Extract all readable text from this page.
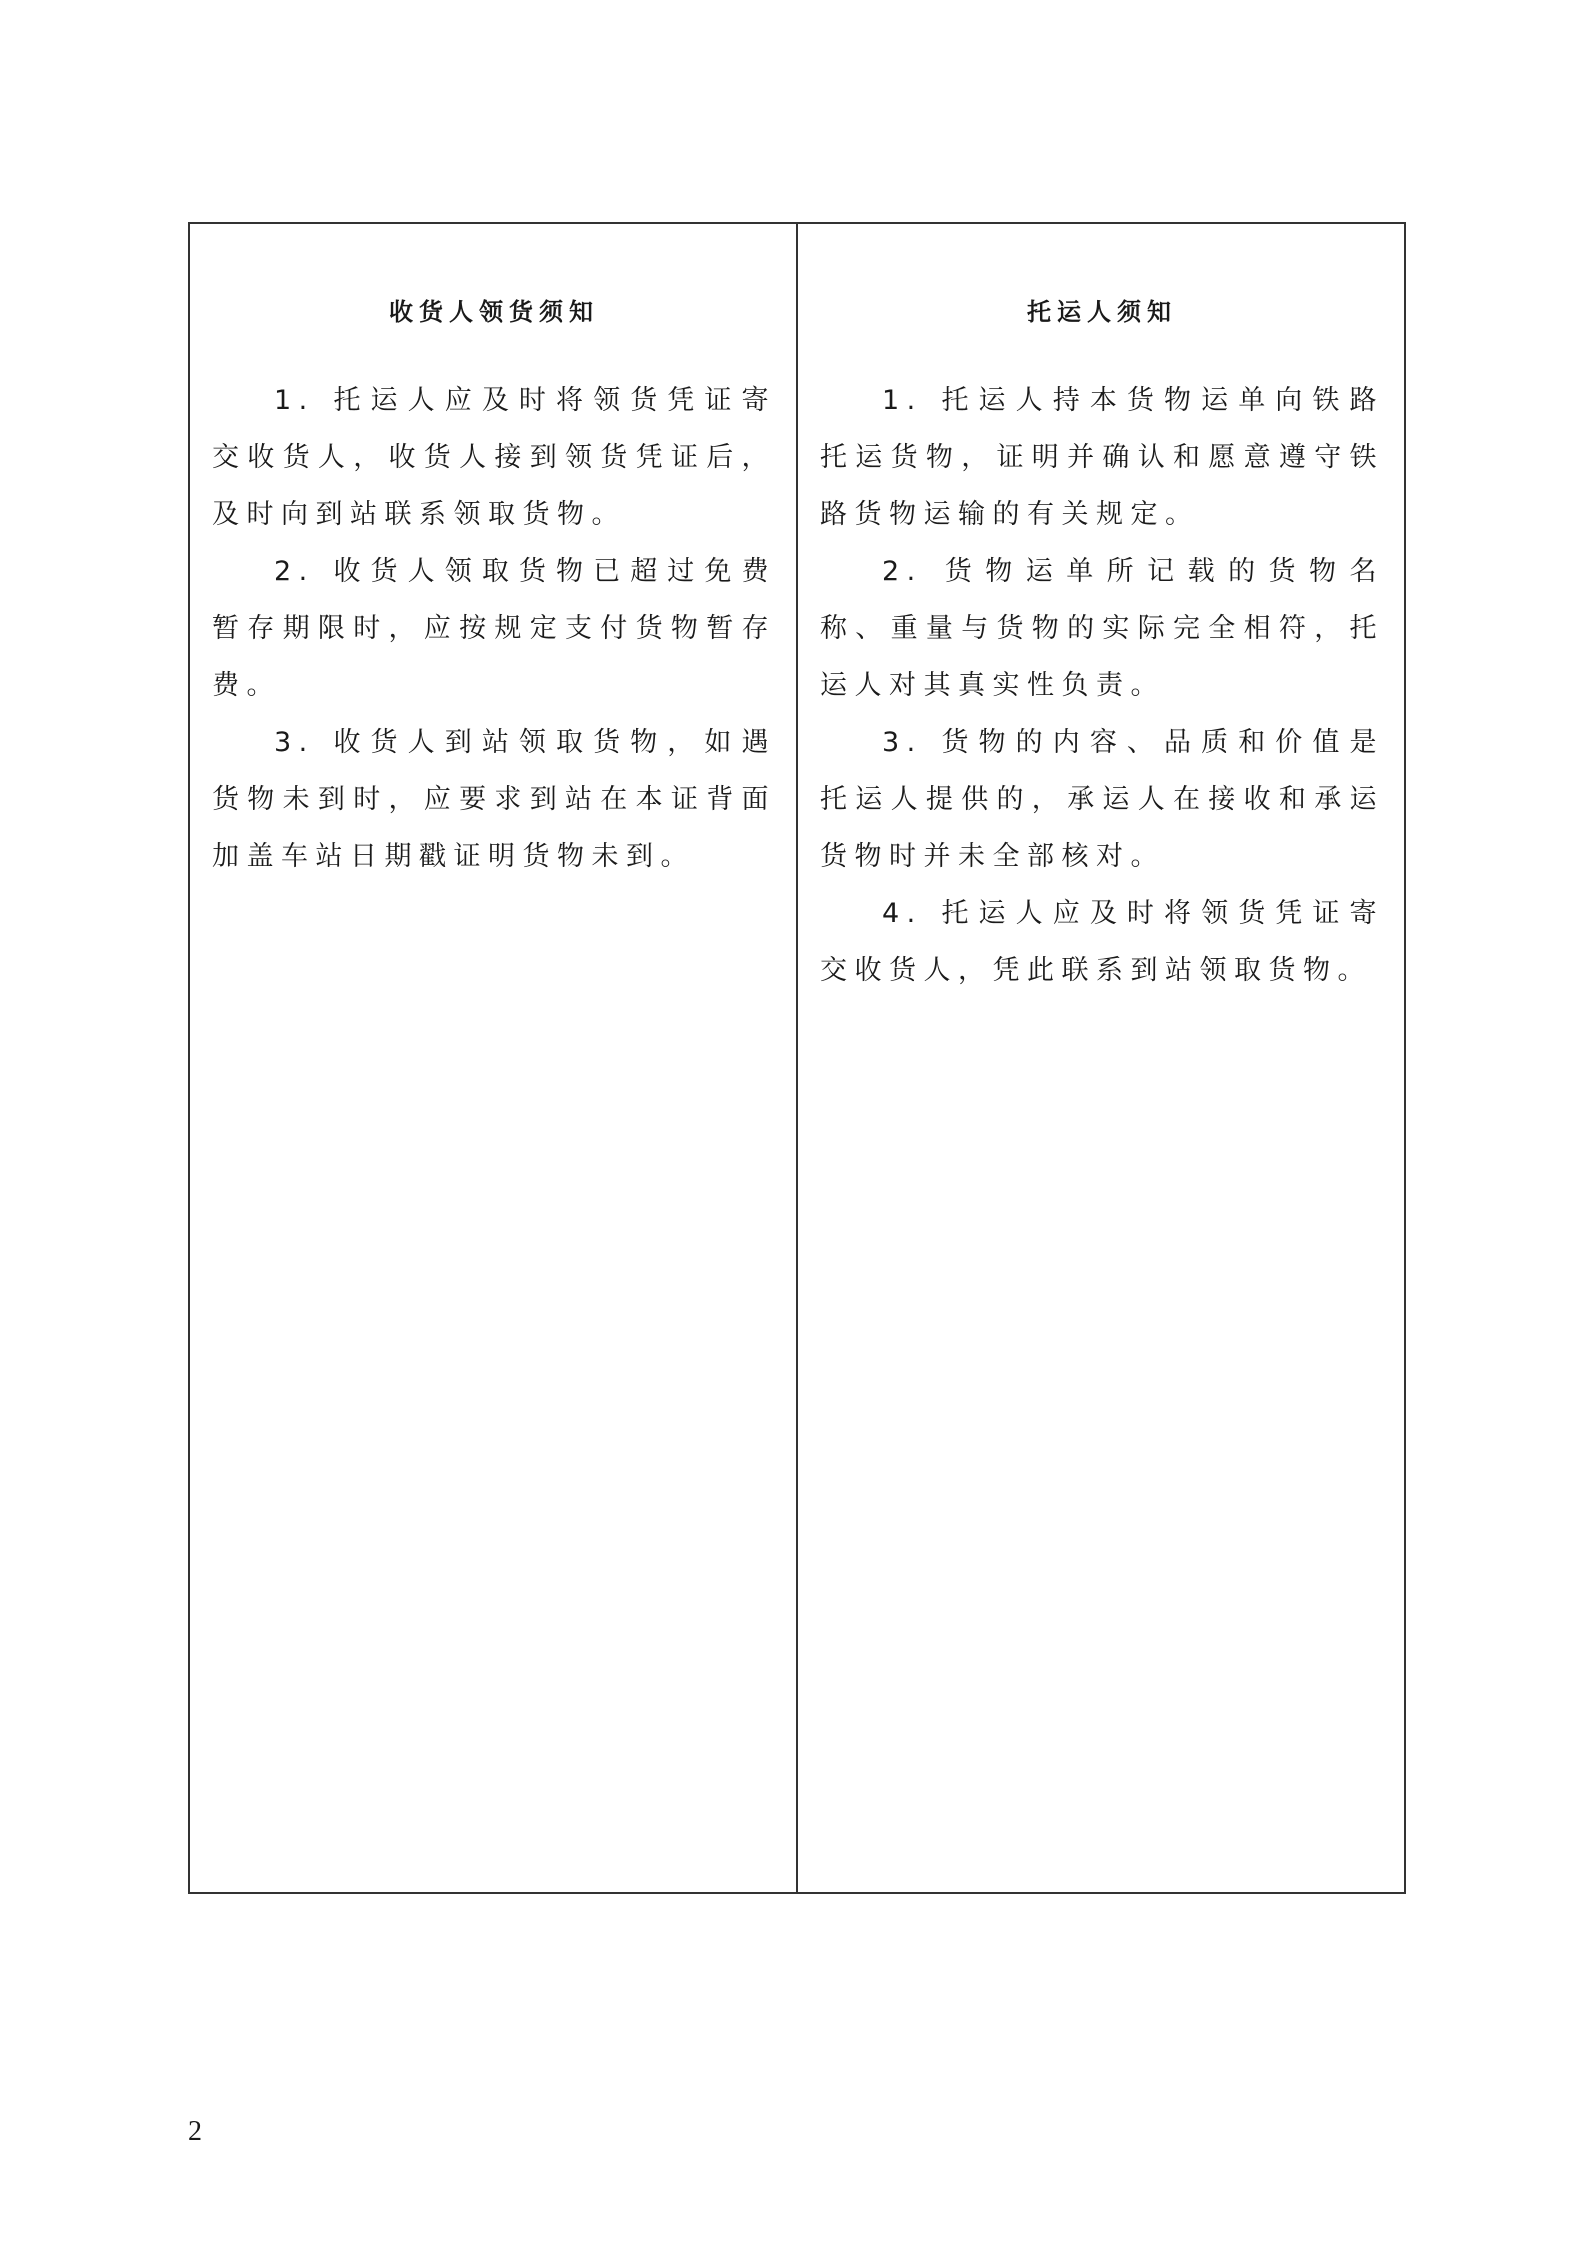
收货人领货须知

1. 托运人应及时将领货凭证寄交收货人，收货人接到领货凭证后，及时向到站联系领取货物。

2. 收货人领取货物已超过免费暂存期限时，应按规定支付货物暂存费。

3. 收货人到站领取货物，如遇货物未到时，应要求到站在本证背面加盖车站日期戳证明货物未到。

托运人须知

1. 托运人持本货物运单向铁路托运货物，证明并确认和愿意遵守铁路货物运输的有关规定。

2. 货物运单所记载的货物名称、重量与货物的实际完全相符，托运人对其真实性负责。

3. 货物的内容、品质和价值是托运人提供的，承运人在接收和承运货物时并未全部核对。

4. 托运人应及时将领货凭证寄交收货人，凭此联系到站领取货物。

2
